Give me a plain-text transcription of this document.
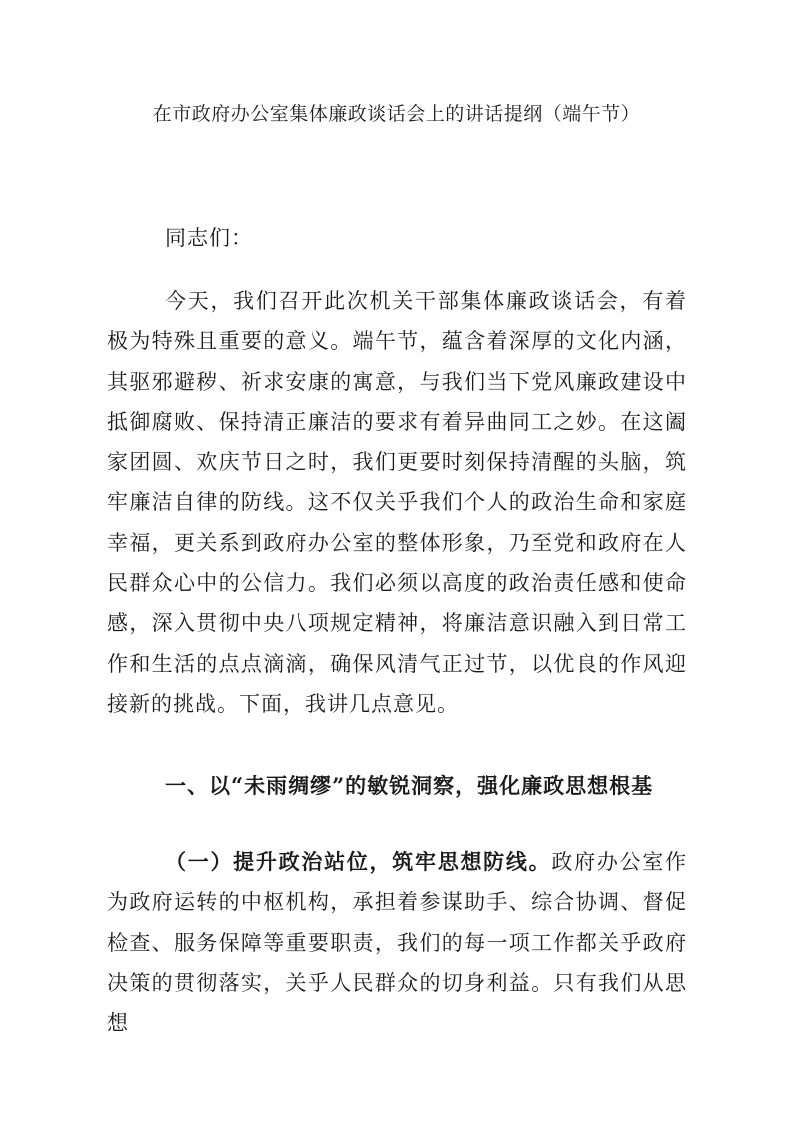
在市政府办公室集体廉政谈话会上的讲话提纲（端午节）
同志们：
今天，我们召开此次机关干部集体廉政谈话会，有着极为特殊且重要的意义。端午节，蕴含着深厚的文化内涵，其驱邪避秽、祈求安康的寓意，与我们当下党风廉政建设中抵御腐败、保持清正廉洁的要求有着异曲同工之妙。在这阖家团圆、欢庆节日之时，我们更要时刻保持清醒的头脑，筑牢廉洁自律的防线。这不仅关乎我们个人的政治生命和家庭幸福，更关系到政府办公室的整体形象，乃至党和政府在人民群众心中的公信力。我们必须以高度的政治责任感和使命感，深入贯彻中央八项规定精神，将廉洁意识融入到日常工作和生活的点点滴滴，确保风清气正过节，以优良的作风迎接新的挑战。下面，我讲几点意见。
一、以“未雨绸缪”的敏锐洞察，强化廉政思想根基
（一）提升政治站位，筑牢思想防线。政府办公室作为政府运转的中枢机构，承担着参谋助手、综合协调、督促检查、服务保障等重要职责，我们的每一项工作都关乎政府决策的贯彻落实，关乎人民群众的切身利益。只有我们从思想
